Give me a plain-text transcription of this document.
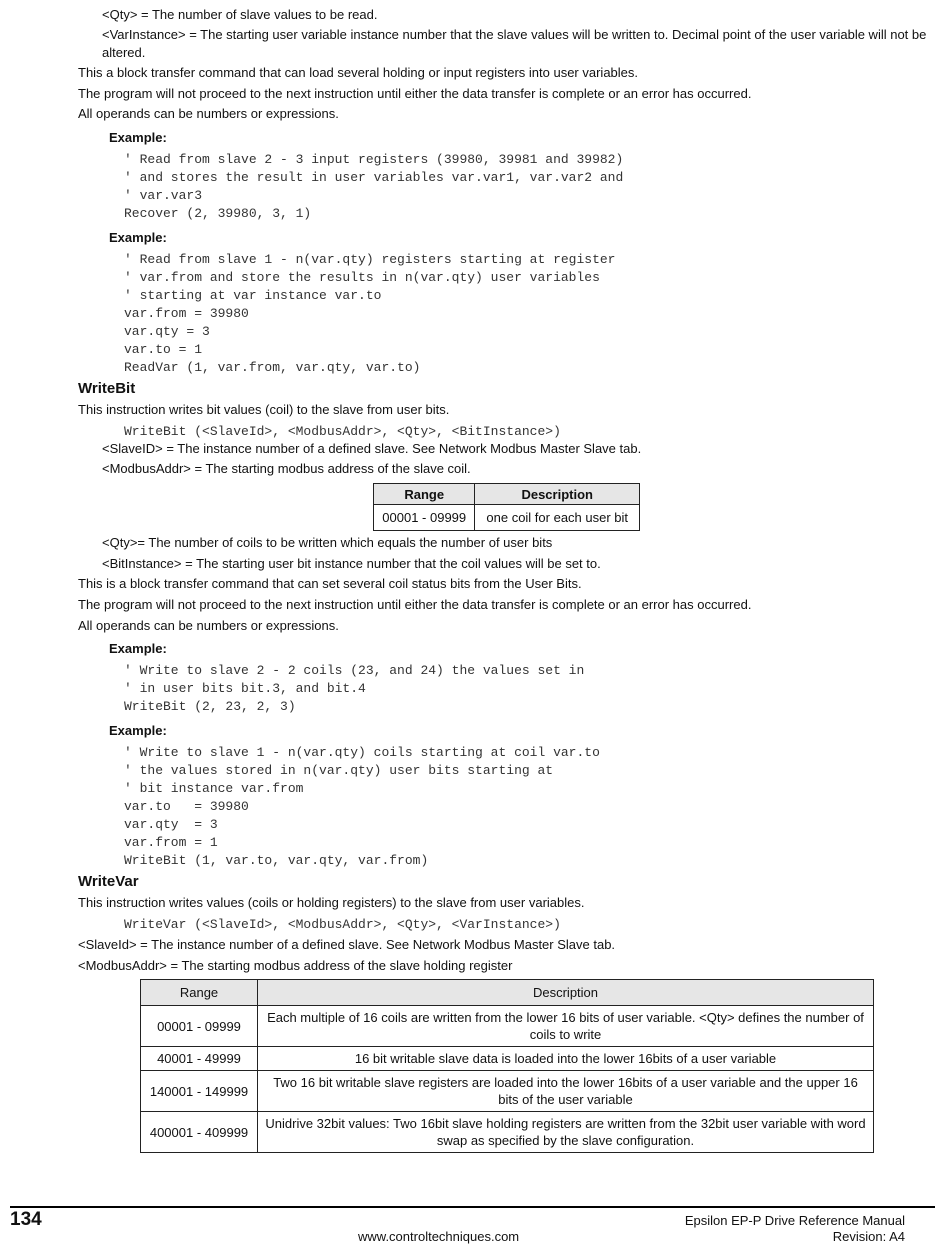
<Qty> = The number of slave values to be read.
<VarInstance> = The starting user variable instance number that the slave values will be written to. Decimal point of the user variable will not be altered.
This a block transfer command that can load several holding or input registers into user variables.
The program will not proceed to the next instruction until either the data transfer is complete or an error has occurred.
All operands can be numbers or expressions.
Example:
' Read from slave 2 - 3 input registers (39980, 39981 and 39982)
' and stores the result in user variables var.var1, var.var2 and
' var.var3
Recover (2, 39980, 3, 1)
Example:
' Read from slave 1 - n(var.qty) registers starting at register
' var.from and store the results in n(var.qty) user variables
' starting at var instance var.to
var.from = 39980
var.qty = 3
var.to = 1
ReadVar (1, var.from, var.qty, var.to)
WriteBit
This instruction writes bit values (coil) to the slave from user bits.
WriteBit (<SlaveId>, <ModbusAddr>, <Qty>, <BitInstance>)
<SlaveID> = The instance number of a defined slave. See Network Modbus Master Slave tab.
<ModbusAddr> = The starting modbus address of the slave coil.
Range	Description
00001 - 09999	one coil for each user bit
<Qty>= The number of coils to be written which equals the number of user bits
<BitInstance> = The starting user bit instance number that the coil values will be set to.
This is a block transfer command that can set several coil status bits from the User Bits.
The program will not proceed to the next instruction until either the data transfer is complete or an error has occurred.
All operands can be numbers or expressions.
Example:
' Write to slave 2 - 2 coils (23, and 24) the values set in
' in user bits bit.3, and bit.4
WriteBit (2, 23, 2, 3)
Example:
' Write to slave 1 - n(var.qty) coils starting at coil var.to
' the values stored in n(var.qty) user bits starting at
' bit instance var.from
var.to   = 39980
var.qty  = 3
var.from = 1
WriteBit (1, var.to, var.qty, var.from)
WriteVar
This instruction writes values (coils or holding registers) to the slave from user variables.
WriteVar (<SlaveId>, <ModbusAddr>, <Qty>, <VarInstance>)
<SlaveId> = The instance number of a defined slave. See Network Modbus Master Slave tab.
<ModbusAddr> = The starting modbus address of the slave holding register
Range	Description
00001 - 09999	Each multiple of 16 coils are written from the lower 16 bits of user variable. <Qty> defines the number of coils to write
40001 - 49999	16 bit writable slave data is loaded into the lower 16bits of a user variable
140001 - 149999	Two 16 bit writable slave registers are loaded into the lower 16bits of a user variable and the upper 16 bits of the user variable
400001 - 409999	Unidrive 32bit values: Two 16bit slave holding registers are written from the 32bit user variable with word swap as specified by the slave configuration.
134	Epsilon EP-P Drive Reference Manual
www.controltechniques.com	Revision: A4
